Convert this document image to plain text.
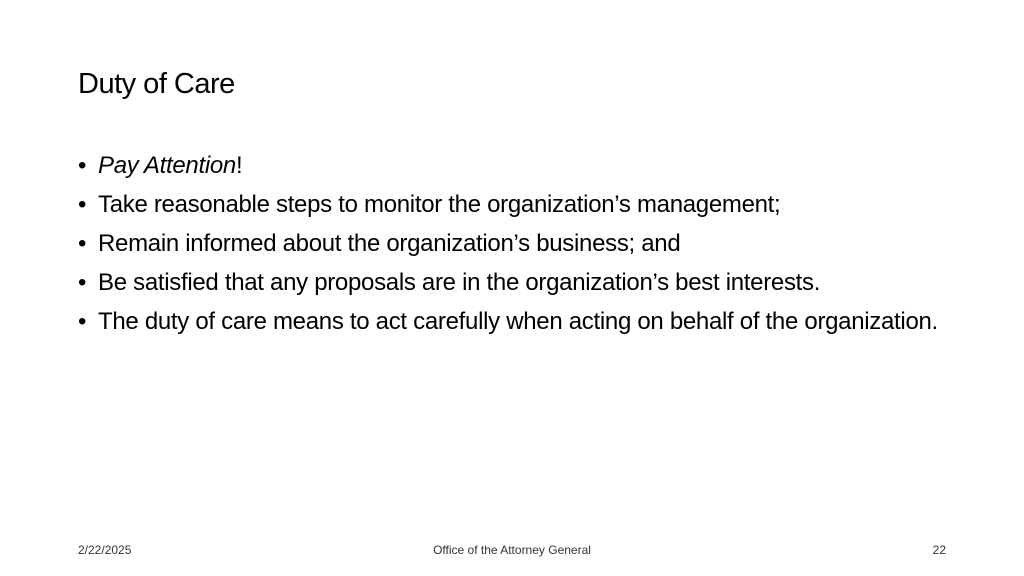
Duty of Care
• Pay Attention!
• Take reasonable steps to monitor the organization’s management;
• Remain informed about the organization’s business; and
• Be satisfied that any proposals are in the organization’s best interests.
• The duty of care means to act carefully when acting on behalf of the organization.
2/22/2025	Office of the Attorney General	22
